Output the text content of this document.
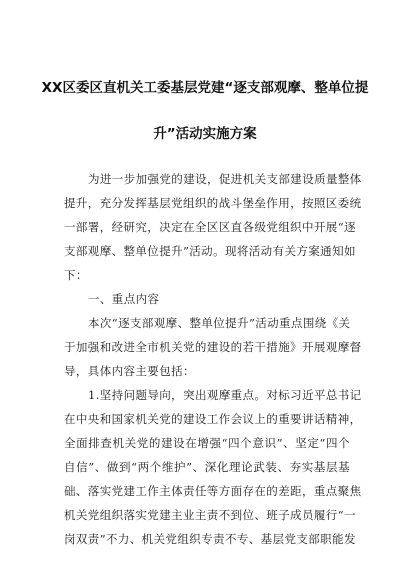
XX区委区直机关工委基层党建“逐支部观摩、整单位提
升”活动实施方案
为进一步加强党的建设，促进机关支部建设质量整体
提升，充分发挥基层党组织的战斗堡垒作用，按照区委统
一部署，经研究，决定在全区区直各级党组织中开展“逐
支部观摩、整单位提升”活动。现将活动有关方案通知如
下：
一、重点内容
本次“逐支部观摩、整单位提升”活动重点围绕《关
于加强和改进全市机关党的建设的若干措施》开展观摩督
导，具体内容主要包括：
1.坚持问题导向，突出观摩重点。对标习近平总书记
在中央和国家机关党的建设工作会议上的重要讲话精神，
全面排查机关党的建设在增强“四个意识”、坚定“四个
自信”、做到“两个维护”、深化理论武装、夯实基层基
础、落实党建工作主体责任等方面存在的差距，重点聚焦
机关党组织落实党建主业主责不到位、班子成员履行“一
岗双责”不力、机关党组织专责不专、基层党支部职能发
